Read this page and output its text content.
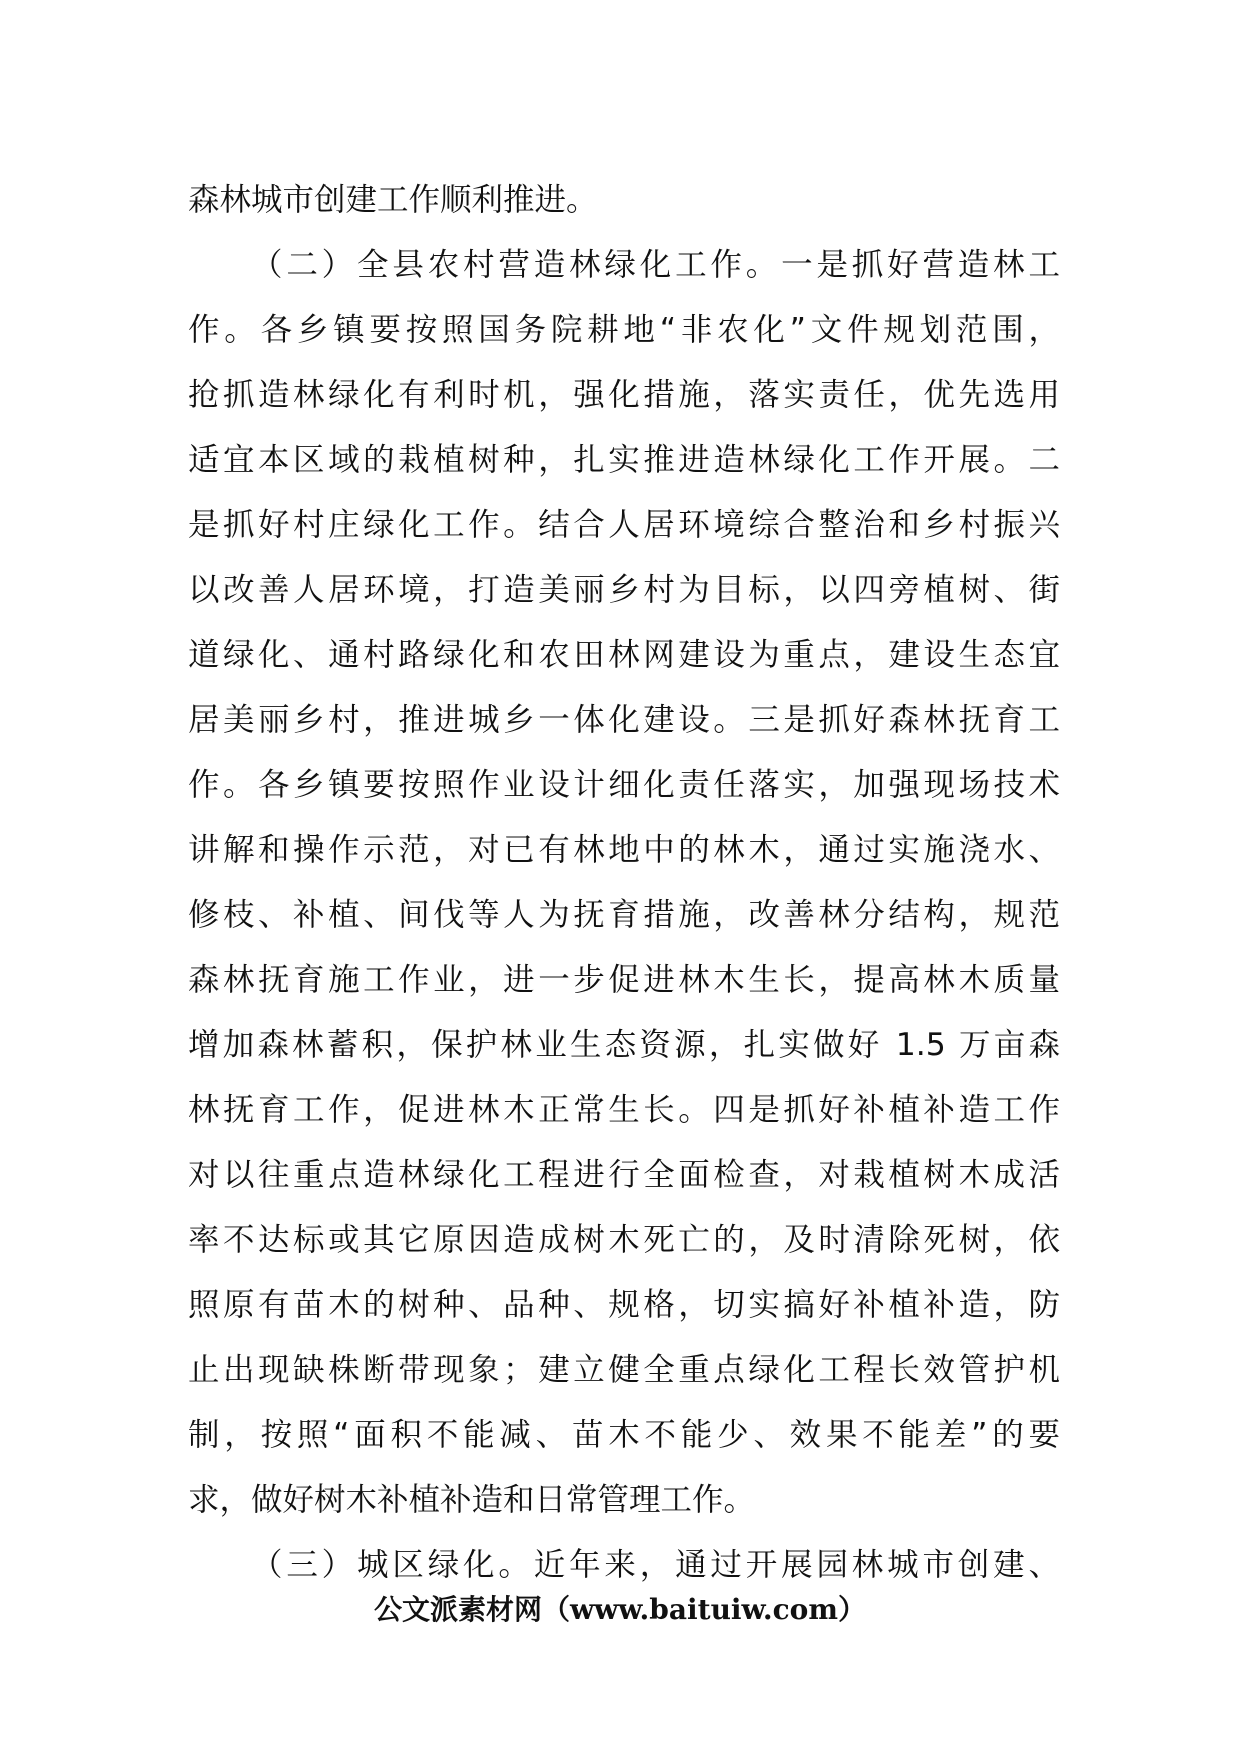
森林城市创建工作顺利推进。
（二）全县农村营造林绿化工作。一是抓好营造林工
作。各乡镇要按照国务院耕地“非农化”文件规划范围，
抢抓造林绿化有利时机，强化措施，落实责任，优先选用
适宜本区域的栽植树种，扎实推进造林绿化工作开展。二
是抓好村庄绿化工作。结合人居环境综合整治和乡村振兴
以改善人居环境，打造美丽乡村为目标，以四旁植树、街
道绿化、通村路绿化和农田林网建设为重点，建设生态宜
居美丽乡村，推进城乡一体化建设。三是抓好森林抚育工
作。各乡镇要按照作业设计细化责任落实，加强现场技术
讲解和操作示范，对已有林地中的林木，通过实施浇水、
修枝、补植、间伐等人为抚育措施，改善林分结构，规范
森林抚育施工作业，进一步促进林木生长，提高林木质量
增加森林蓄积，保护林业生态资源，扎实做好 1.5 万亩森
林抚育工作，促进林木正常生长。四是抓好补植补造工作
对以往重点造林绿化工程进行全面检查，对栽植树木成活
率不达标或其它原因造成树木死亡的，及时清除死树，依
照原有苗木的树种、品种、规格，切实搞好补植补造，防
止出现缺株断带现象；建立健全重点绿化工程长效管护机
制，按照“面积不能减、苗木不能少、效果不能差”的要
求，做好树木补植补造和日常管理工作。
（三）城区绿化。近年来，通过开展园林城市创建、
公文派素材网（www.baituiw.com）
